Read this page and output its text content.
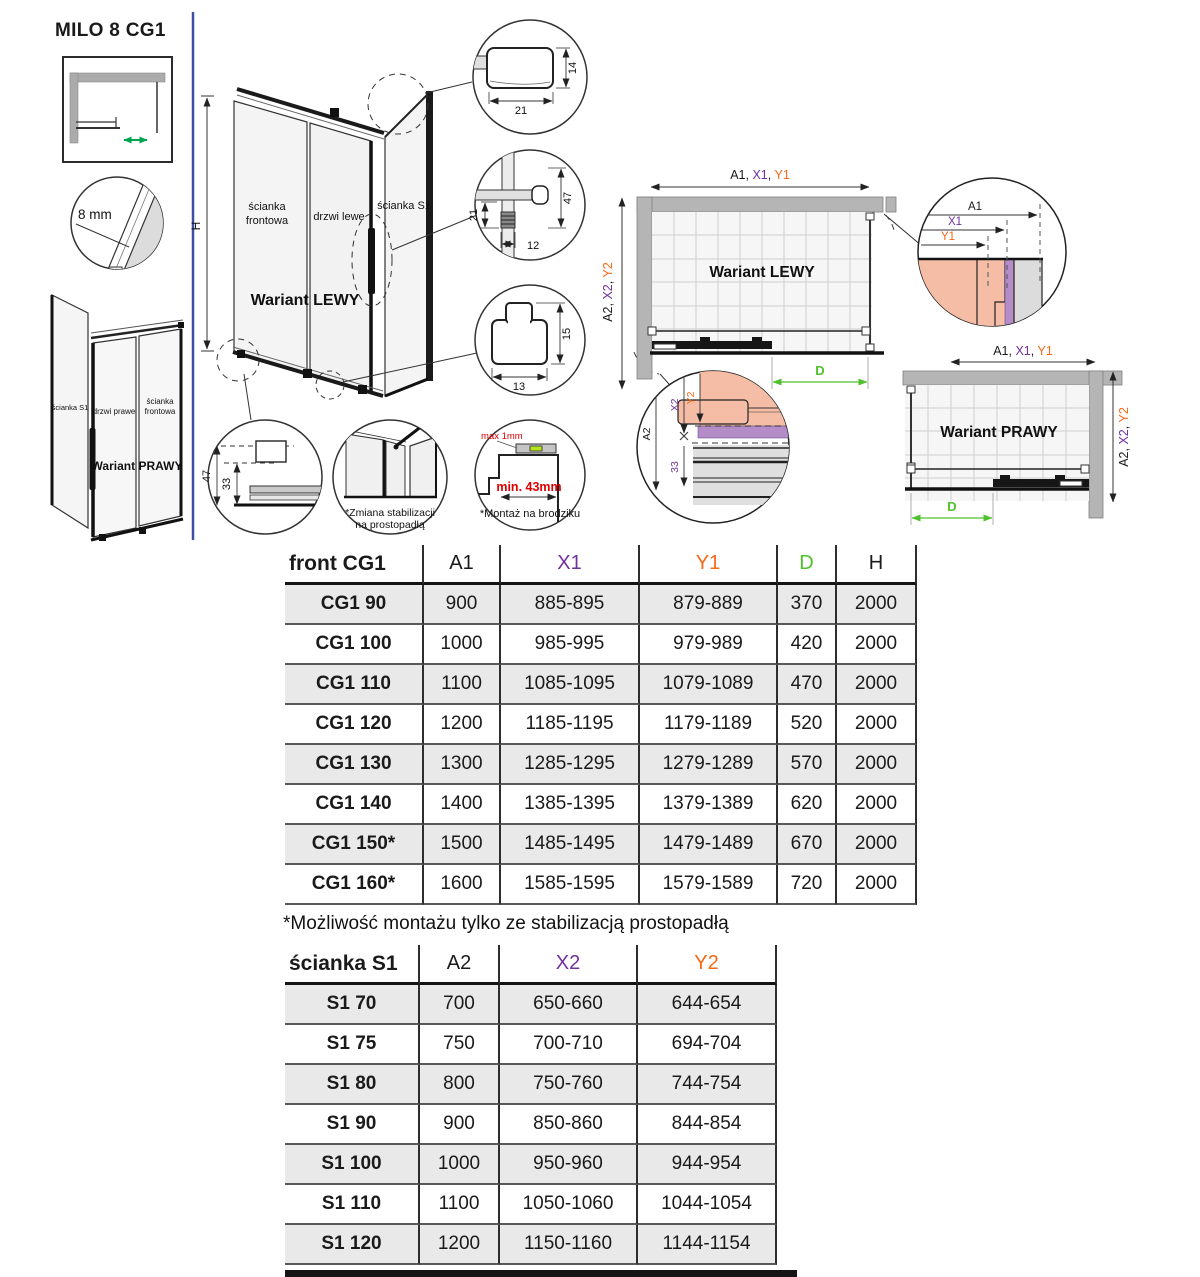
MILO 8 CG1
8 mm
ścianka S1 drzwi prawe
ścianka
frontowa
Wariant PRAWY
H
ścianka
frontowa drzwi lewe
ścianka S1
Wariant LEWY
21
14
21
47
12
13
15
max 1mm
min. 43mm
*Montaż na brodziku
47
33
*Zmiana stabilizacji
na prostopadłą
A1, X1, Y1
Wariant LEWY
D
A2, X2, Y2
A1
X1
Y1
Y2
X2
A2
33
A1, X1, Y1
Wariant PRAWY
D
A2, X2, Y2
front CG1	A1	X1	Y1	D	H
CG1 90	900	885-895	879-889	370	2000
CG1 100	1000	985-995	979-989	420	2000
CG1 110	1100	1085-1095	1079-1089	470	2000
CG1 120	1200	1185-1195	1179-1189	520	2000
CG1 130	1300	1285-1295	1279-1289	570	2000
CG1 140	1400	1385-1395	1379-1389	620	2000
CG1 150*	1500	1485-1495	1479-1489	670	2000
CG1 160*	1600	1585-1595	1579-1589	720	2000
*Możliwość montażu tylko ze stabilizacją prostopadłą
ścianka S1	A2	X2	Y2
S1 70	700	650-660	644-654
S1 75	750	700-710	694-704
S1 80	800	750-760	744-754
S1 90	900	850-860	844-854
S1 100	1000	950-960	944-954
S1 110	1100	1050-1060	1044-1054
S1 120	1200	1150-1160	1144-1154
